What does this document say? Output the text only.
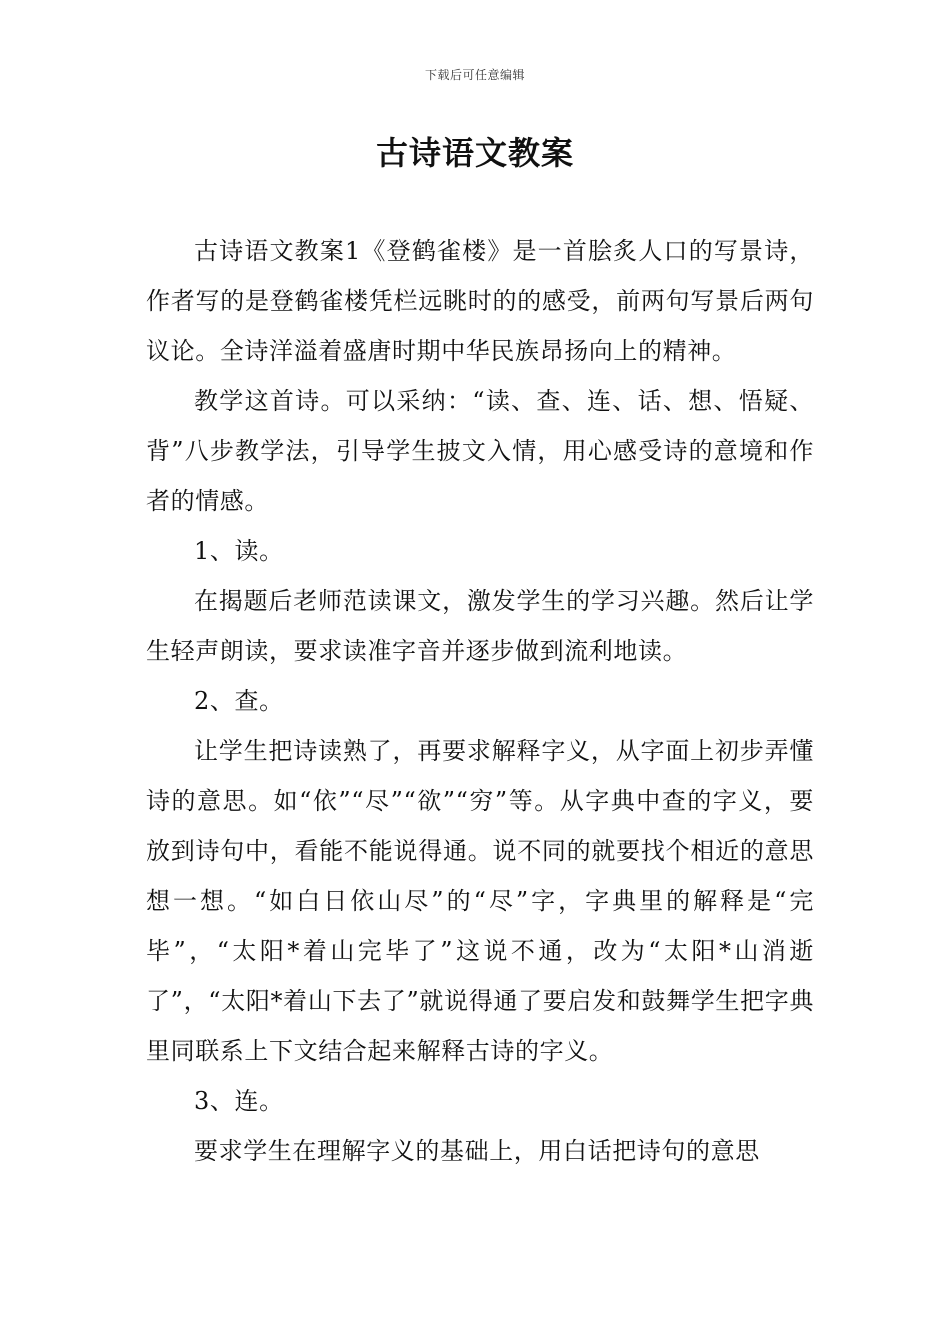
下载后可任意编辑
古诗语文教案

古诗语文教案1《登鹤雀楼》是一首脍炙人口的写景诗，作者写的是登鹤雀楼凭栏远眺时的的感受，前两句写景后两句议论。全诗洋溢着盛唐时期中华民族昂扬向上的精神。

教学这首诗。可以采纳：“读、查、连、话、想、悟疑、背”八步教学法，引导学生披文入情，用心感受诗的意境和作者的情感。

1、读。

在揭题后老师范读课文，激发学生的学习兴趣。然后让学生轻声朗读，要求读准字音并逐步做到流利地读。

2、查。

让学生把诗读熟了，再要求解释字义，从字面上初步弄懂诗的意思。如“依”“尽”“欲”“穷”等。从字典中查的字义，要放到诗句中，看能不能说得通。说不同的就要找个相近的意思想一想。“如白日依山尽”的“尽”字，字典里的解释是“完毕”，“太阳*着山完毕了”这说不通，改为“太阳*山消逝了”，“太阳*着山下去了”就说得通了要启发和鼓舞学生把字典里同联系上下文结合起来解释古诗的字义。

3、连。

要求学生在理解字义的基础上，用白话把诗句的意思
